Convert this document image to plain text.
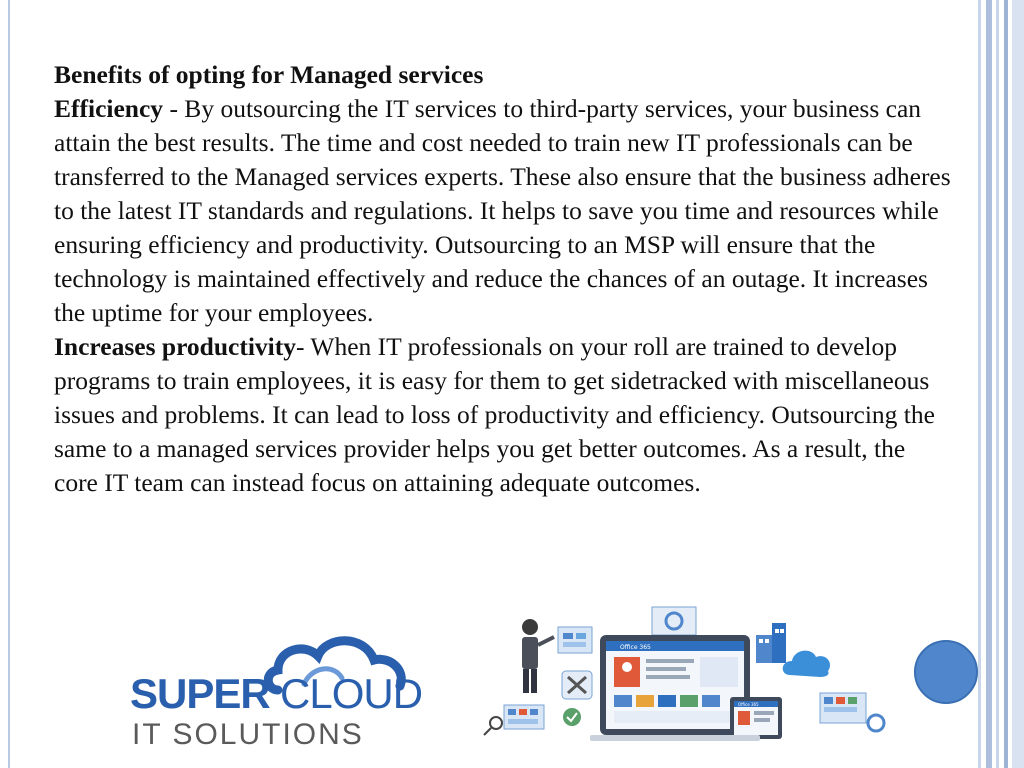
Benefits of opting for Managed services

Efficiency - By outsourcing the IT services to third-party services, your business can attain the best results. The time and cost needed to train new IT professionals can be transferred to the Managed services experts. These also ensure that the business adheres to the latest IT standards and regulations. It helps to save you time and resources while ensuring efficiency and productivity. Outsourcing to an MSP will ensure that the technology is maintained effectively and reduce the chances of an outage. It increases the uptime for your employees.

Increases productivity- When IT professionals on your roll are trained to develop programs to train employees, it is easy for them to get sidetracked with miscellaneous issues and problems. It can lead to loss of productivity and efficiency. Outsourcing the same to a managed services provider helps you get better outcomes. As a result, the core IT team can instead focus on attaining adequate outcomes.

SUPER CLOUD
IT SOLUTIONS
Office 365
Office 365
